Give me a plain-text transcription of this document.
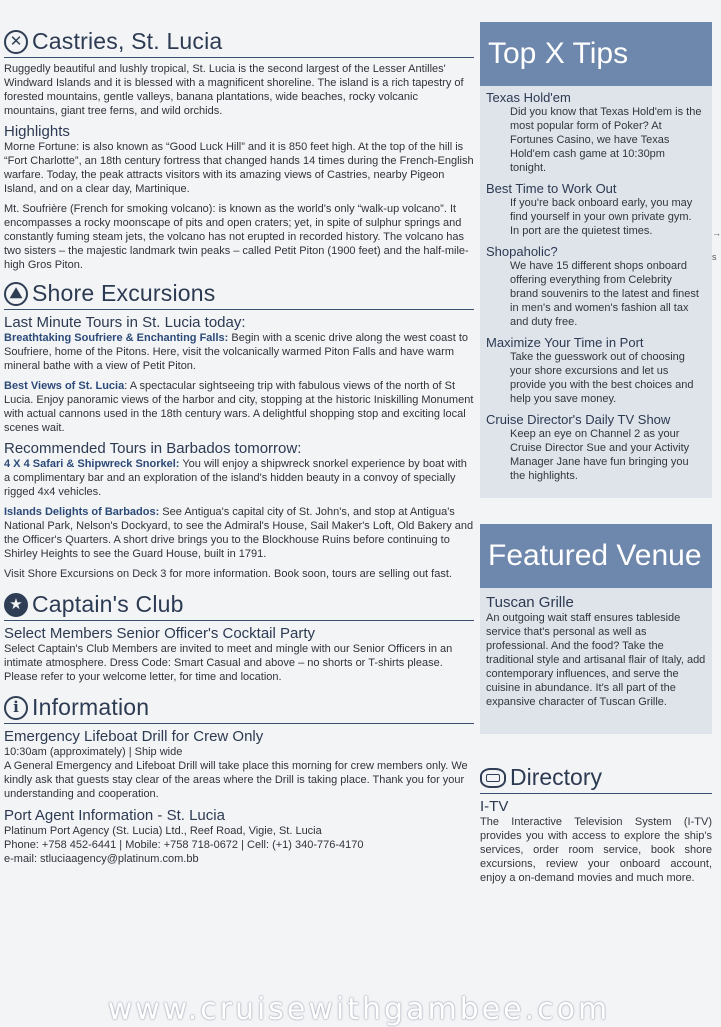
✕ Castries, St. Lucia

Ruggedly beautiful and lushly tropical, St. Lucia is the second largest of the Lesser Antilles' Windward Islands and it is blessed with a magnificent shoreline. The island is a rich tapestry of forested mountains, gentle valleys, banana plantations, wide beaches, rocky volcanic mountains, giant tree ferns, and wild orchids.

Highlights

Morne Fortune: is also known as “Good Luck Hill” and it is 850 feet high. At the top of the hill is “Fort Charlotte”, an 18th century fortress that changed hands 14 times during the French-English warfare. Today, the peak attracts visitors with its amazing views of Castries, nearby Pigeon Island, and on a clear day, Martinique.

Mt. Soufrière (French for smoking volcano): is known as the world's only “walk-up volcano”. It encompasses a rocky moonscape of pits and open craters; yet, in spite of sulphur springs and constantly fuming steam jets, the volcano has not erupted in recorded history. The volcano has two sisters – the majestic landmark twin peaks – called Petit Piton (1900 feet) and the half-mile-high Gros Piton.

⛰ Shore Excursions
Last Minute Tours in St. Lucia today:

Breathtaking Soufriere & Enchanting Falls: Begin with a scenic drive along the west coast to Soufriere, home of the Pitons. Here, visit the volcanically warmed Piton Falls and have warm mineral bathe with a view of Petit Piton.

Best Views of St. Lucia: A spectacular sightseeing trip with fabulous views of the north of St Lucia. Enjoy panoramic views of the harbor and city, stopping at the historic Iniskilling Monument with actual cannons used in the 18th century wars. A delightful shopping stop and exciting local scenes wait.

Recommended Tours in Barbados tomorrow:

4 X 4 Safari & Shipwreck Snorkel: You will enjoy a shipwreck snorkel experience by boat with a complimentary bar and an exploration of the island's hidden beauty in a convoy of specially rigged 4x4 vehicles.

Islands Delights of Barbados: See Antigua's capital city of St. John's, and stop at Antigua's National Park, Nelson's Dockyard, to see the Admiral's House, Sail Maker's Loft, Old Bakery and the Officer's Quarters. A short drive brings you to the Blockhouse Ruins before continuing to Shirley Heights to see the Guard House, built in 1791.

Visit Shore Excursions on Deck 3 for more information. Book soon, tours are selling out fast.

★ Captain's Club
Select Members Senior Officer's Cocktail Party

Select Captain's Club Members are invited to meet and mingle with our Senior Officers in an intimate atmosphere. Dress Code: Smart Casual and above – no shorts or T-shirts please. Please refer to your welcome letter, for time and location.

i Information
Emergency Lifeboat Drill for Crew Only

10:30am (approximately) | Ship wide

A General Emergency and Lifeboat Drill will take place this morning for crew members only. We kindly ask that guests stay clear of the areas where the Drill is taking place. Thank you for your understanding and cooperation.

Port Agent Information - St. Lucia

Platinum Port Agency (St. Lucia) Ltd., Reef Road, Vigie, St. Lucia

Phone: +758 452-6441 | Mobile: +758 718-0672 | Cell: (+1) 340-776-4170

e-mail: stluciaagency@platinum.com.bb

Top X Tips
Texas Hold'em

Did you know that Texas Hold'em is the most popular form of Poker? At Fortunes Casino, we have Texas Hold'em cash game at 10:30pm tonight.

Best Time to Work Out

If you're back onboard early, you may find yourself in your own private gym. In port are the quietest times.

Shopaholic?

We have 15 different shops onboard offering everything from Celebrity brand souvenirs to the latest and finest in men's and women's fashion all tax and duty free.

Maximize Your Time in Port

Take the guesswork out of choosing your shore excursions and let us provide you with the best choices and help you save money.

Cruise Director's Daily TV Show

Keep an eye on Channel 2 as your Cruise Director Sue and your Activity Manager Jane have fun bringing you the highlights.

Featured Venue
Tuscan Grille

An outgoing wait staff ensures tableside service that's personal as well as professional. And the food? Take the traditional style and artisanal flair of Italy, add contemporary influences, and serve the cuisine in abundance. It's all part of the expansive character of Tuscan Grille.

Directory
I-TV

The Interactive Television System (I-TV) provides you with access to explore the ship's services, order room service, book shore excursions, review your onboard account, enjoy a on-demand movies and much more.

→
s
www.cruisewithgambee.com
